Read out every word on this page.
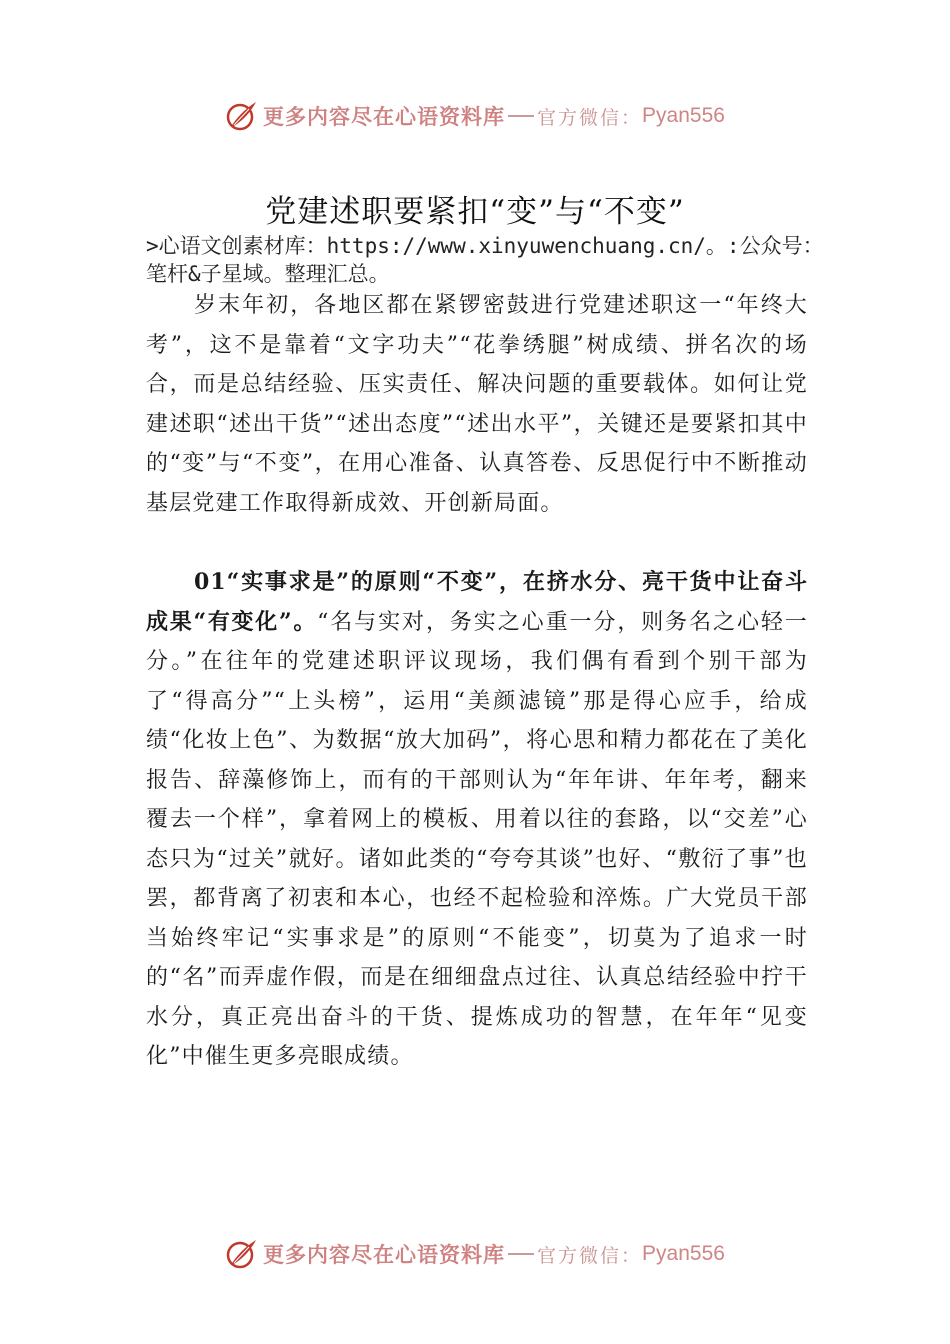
更多内容尽在心语资料库 官方微信： Pyan556
党建述职要紧扣“变”与“不变”
>心语文创素材库：https://www.xinyuwenchuang.cn/。:公众号：笔杆&子星域。整理汇总。

岁末年初，各地区都在紧锣密鼓进行党建述职这一“年终大考”，这不是靠着“文字功夫”“花拳绣腿”树成绩、拼名次的场合，而是总结经验、压实责任、解决问题的重要载体。如何让党建述职“述出干货”“述出态度”“述出水平”，关键还是要紧扣其中的“变”与“不变”，在用心准备、认真答卷、反思促行中不断推动基层党建工作取得新成效、开创新局面。

01“实事求是”的原则“不变”，在挤水分、亮干货中让奋斗成果“有变化”。“名与实对，务实之心重一分，则务名之心轻一分。”在往年的党建述职评议现场，我们偶有看到个别干部为了“得高分”“上头榜”，运用“美颜滤镜”那是得心应手，给成绩“化妆上色”、为数据“放大加码”，将心思和精力都花在了美化报告、辞藻修饰上，而有的干部则认为“年年讲、年年考，翻来覆去一个样”，拿着网上的模板、用着以往的套路，以“交差”心态只为“过关”就好。诸如此类的“夸夸其谈”也好、“敷衍了事”也罢，都背离了初衷和本心，也经不起检验和淬炼。广大党员干部当始终牢记“实事求是”的原则“不能变”，切莫为了追求一时的“名”而弄虚作假，而是在细细盘点过往、认真总结经验中拧干水分，真正亮出奋斗的干货、提炼成功的智慧，在年年“见变化”中催生更多亮眼成绩。

更多内容尽在心语资料库 官方微信： Pyan556
